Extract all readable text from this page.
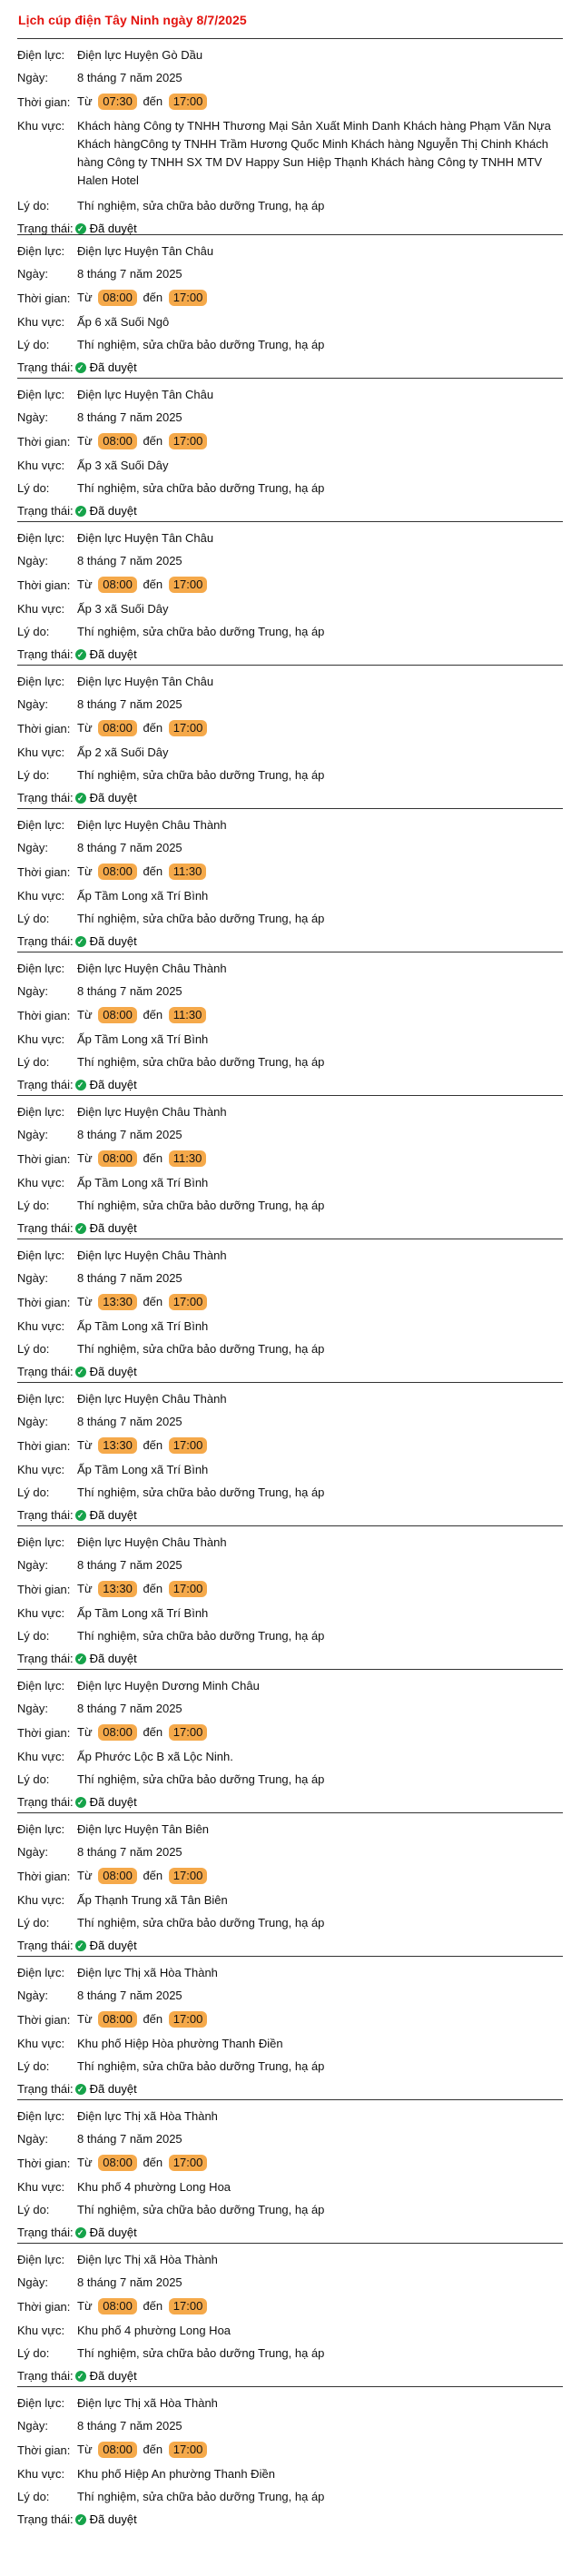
Lịch cúp điện Tây Ninh ngày 8/7/2025
Điện lực:	Điện lực Huyện Gò Dầu
Ngày:	8 tháng 7 năm 2025
Thời gian: Từ 07:30 đến 17:00
Khu vực:	Khách hàng Công ty TNHH Thương Mại Sản Xuất Minh Danh Khách hàng Phạm Văn Nựa Khách hàngCông ty TNHH Trầm Hương Quốc Minh Khách hàng Nguyễn Thị Chinh Khách hàng Công ty TNHH SX TM DV Happy Sun Hiệp Thạnh Khách hàng Công ty TNHH MTV Halen Hotel
Lý do:	Thí nghiệm, sửa chữa bảo dưỡng Trung, hạ áp
Trạng thái: ✓ Đã duyệt
Điện lực:	Điện lực Huyện Tân Châu
Ngày:	8 tháng 7 năm 2025
Thời gian: Từ 08:00 đến 17:00
Khu vực:	Ấp 6 xã Suối Ngô
Lý do:	Thí nghiệm, sửa chữa bảo dưỡng Trung, hạ áp
Trạng thái: ✓ Đã duyệt
Điện lực:	Điện lực Huyện Tân Châu
Ngày:	8 tháng 7 năm 2025
Thời gian: Từ 08:00 đến 17:00
Khu vực:	Ấp 3 xã Suối Dây
Lý do:	Thí nghiệm, sửa chữa bảo dưỡng Trung, hạ áp
Trạng thái: ✓ Đã duyệt
Điện lực:	Điện lực Huyện Tân Châu
Ngày:	8 tháng 7 năm 2025
Thời gian: Từ 08:00 đến 17:00
Khu vực:	Ấp 3 xã Suối Dây
Lý do:	Thí nghiệm, sửa chữa bảo dưỡng Trung, hạ áp
Trạng thái: ✓ Đã duyệt
Điện lực:	Điện lực Huyện Tân Châu
Ngày:	8 tháng 7 năm 2025
Thời gian: Từ 08:00 đến 17:00
Khu vực:	Ấp 2 xã Suối Dây
Lý do:	Thí nghiệm, sửa chữa bảo dưỡng Trung, hạ áp
Trạng thái: ✓ Đã duyệt
Điện lực:	Điện lực Huyện Châu Thành
Ngày:	8 tháng 7 năm 2025
Thời gian: Từ 08:00 đến 11:30
Khu vực:	Ấp Tầm Long xã Trí Bình
Lý do:	Thí nghiệm, sửa chữa bảo dưỡng Trung, hạ áp
Trạng thái: ✓ Đã duyệt
Điện lực:	Điện lực Huyện Châu Thành
Ngày:	8 tháng 7 năm 2025
Thời gian: Từ 08:00 đến 11:30
Khu vực:	Ấp Tầm Long xã Trí Bình
Lý do:	Thí nghiệm, sửa chữa bảo dưỡng Trung, hạ áp
Trạng thái: ✓ Đã duyệt
Điện lực:	Điện lực Huyện Châu Thành
Ngày:	8 tháng 7 năm 2025
Thời gian: Từ 08:00 đến 11:30
Khu vực:	Ấp Tầm Long xã Trí Bình
Lý do:	Thí nghiệm, sửa chữa bảo dưỡng Trung, hạ áp
Trạng thái: ✓ Đã duyệt
Điện lực:	Điện lực Huyện Châu Thành
Ngày:	8 tháng 7 năm 2025
Thời gian: Từ 13:30 đến 17:00
Khu vực:	Ấp Tầm Long xã Trí Bình
Lý do:	Thí nghiệm, sửa chữa bảo dưỡng Trung, hạ áp
Trạng thái: ✓ Đã duyệt
Điện lực:	Điện lực Huyện Châu Thành
Ngày:	8 tháng 7 năm 2025
Thời gian: Từ 13:30 đến 17:00
Khu vực:	Ấp Tầm Long xã Trí Bình
Lý do:	Thí nghiệm, sửa chữa bảo dưỡng Trung, hạ áp
Trạng thái: ✓ Đã duyệt
Điện lực:	Điện lực Huyện Châu Thành
Ngày:	8 tháng 7 năm 2025
Thời gian: Từ 13:30 đến 17:00
Khu vực:	Ấp Tầm Long xã Trí Bình
Lý do:	Thí nghiệm, sửa chữa bảo dưỡng Trung, hạ áp
Trạng thái: ✓ Đã duyệt
Điện lực:	Điện lực Huyện Dương Minh Châu
Ngày:	8 tháng 7 năm 2025
Thời gian: Từ 08:00 đến 17:00
Khu vực:	Ấp Phước Lộc B xã Lộc Ninh.
Lý do:	Thí nghiệm, sửa chữa bảo dưỡng Trung, hạ áp
Trạng thái: ✓ Đã duyệt
Điện lực:	Điện lực Huyện Tân Biên
Ngày:	8 tháng 7 năm 2025
Thời gian: Từ 08:00 đến 17:00
Khu vực:	Ấp Thạnh Trung xã Tân Biên
Lý do:	Thí nghiệm, sửa chữa bảo dưỡng Trung, hạ áp
Trạng thái: ✓ Đã duyệt
Điện lực:	Điện lực Thị xã Hòa Thành
Ngày:	8 tháng 7 năm 2025
Thời gian: Từ 08:00 đến 17:00
Khu vực:	Khu phố Hiệp Hòa phường Thanh Điền
Lý do:	Thí nghiệm, sửa chữa bảo dưỡng Trung, hạ áp
Trạng thái: ✓ Đã duyệt
Điện lực:	Điện lực Thị xã Hòa Thành
Ngày:	8 tháng 7 năm 2025
Thời gian: Từ 08:00 đến 17:00
Khu vực:	Khu phố 4 phường Long Hoa
Lý do:	Thí nghiệm, sửa chữa bảo dưỡng Trung, hạ áp
Trạng thái: ✓ Đã duyệt
Điện lực:	Điện lực Thị xã Hòa Thành
Ngày:	8 tháng 7 năm 2025
Thời gian: Từ 08:00 đến 17:00
Khu vực:	Khu phố 4 phường Long Hoa
Lý do:	Thí nghiệm, sửa chữa bảo dưỡng Trung, hạ áp
Trạng thái: ✓ Đã duyệt
Điện lực:	Điện lực Thị xã Hòa Thành
Ngày:	8 tháng 7 năm 2025
Thời gian: Từ 08:00 đến 17:00
Khu vực:	Khu phố Hiệp An phường Thanh Điền
Lý do:	Thí nghiệm, sửa chữa bảo dưỡng Trung, hạ áp
Trạng thái: ✓ Đã duyệt
